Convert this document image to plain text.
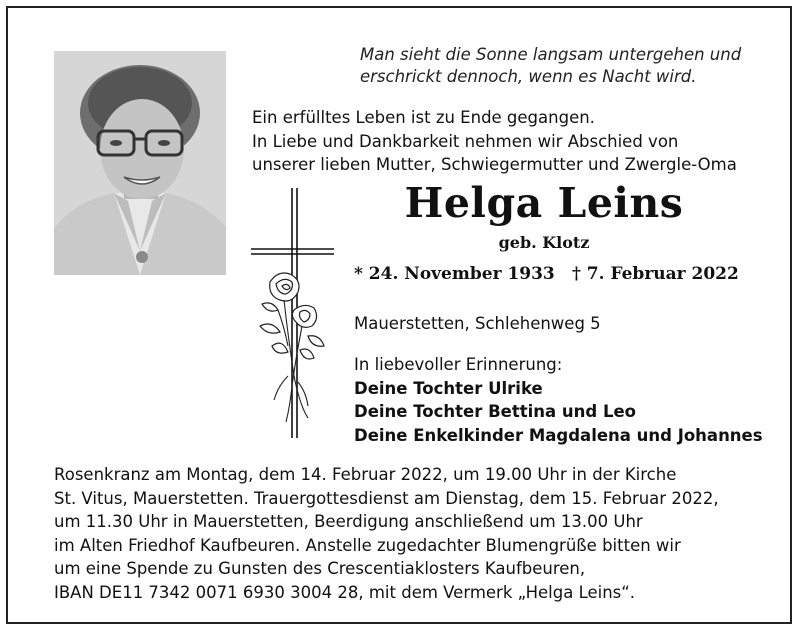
Man sieht die Sonne langsam untergehen und
erschrickt dennoch, wenn es Nacht wird.
Ein erfülltes Leben ist zu Ende gegangen.
In Liebe und Dankbarkeit nehmen wir Abschied von
unserer lieben Mutter, Schwiegermutter und Zwergle-Oma
Helga Leins
geb. Klotz
* 24. November 1933 † 7. Februar 2022
Mauerstetten, Schlehenweg 5
In liebevoller Erinnerung:
Deine Tochter Ulrike
Deine Tochter Bettina und Leo
Deine Enkelkinder Magdalena und Johannes
Rosenkranz am Montag, dem 14. Februar 2022, um 19.00 Uhr in der Kirche
St. Vitus, Mauerstetten. Trauergottesdienst am Dienstag, dem 15. Februar 2022,
um 11.30 Uhr in Mauerstetten, Beerdigung anschließend um 13.00 Uhr
im Alten Friedhof Kaufbeuren. Anstelle zugedachter Blumengrüße bitten wir
um eine Spende zu Gunsten des Crescentiaklosters Kaufbeuren,
IBAN DE11 7342 0071 6930 3004 28, mit dem Vermerk „Helga Leins“.
